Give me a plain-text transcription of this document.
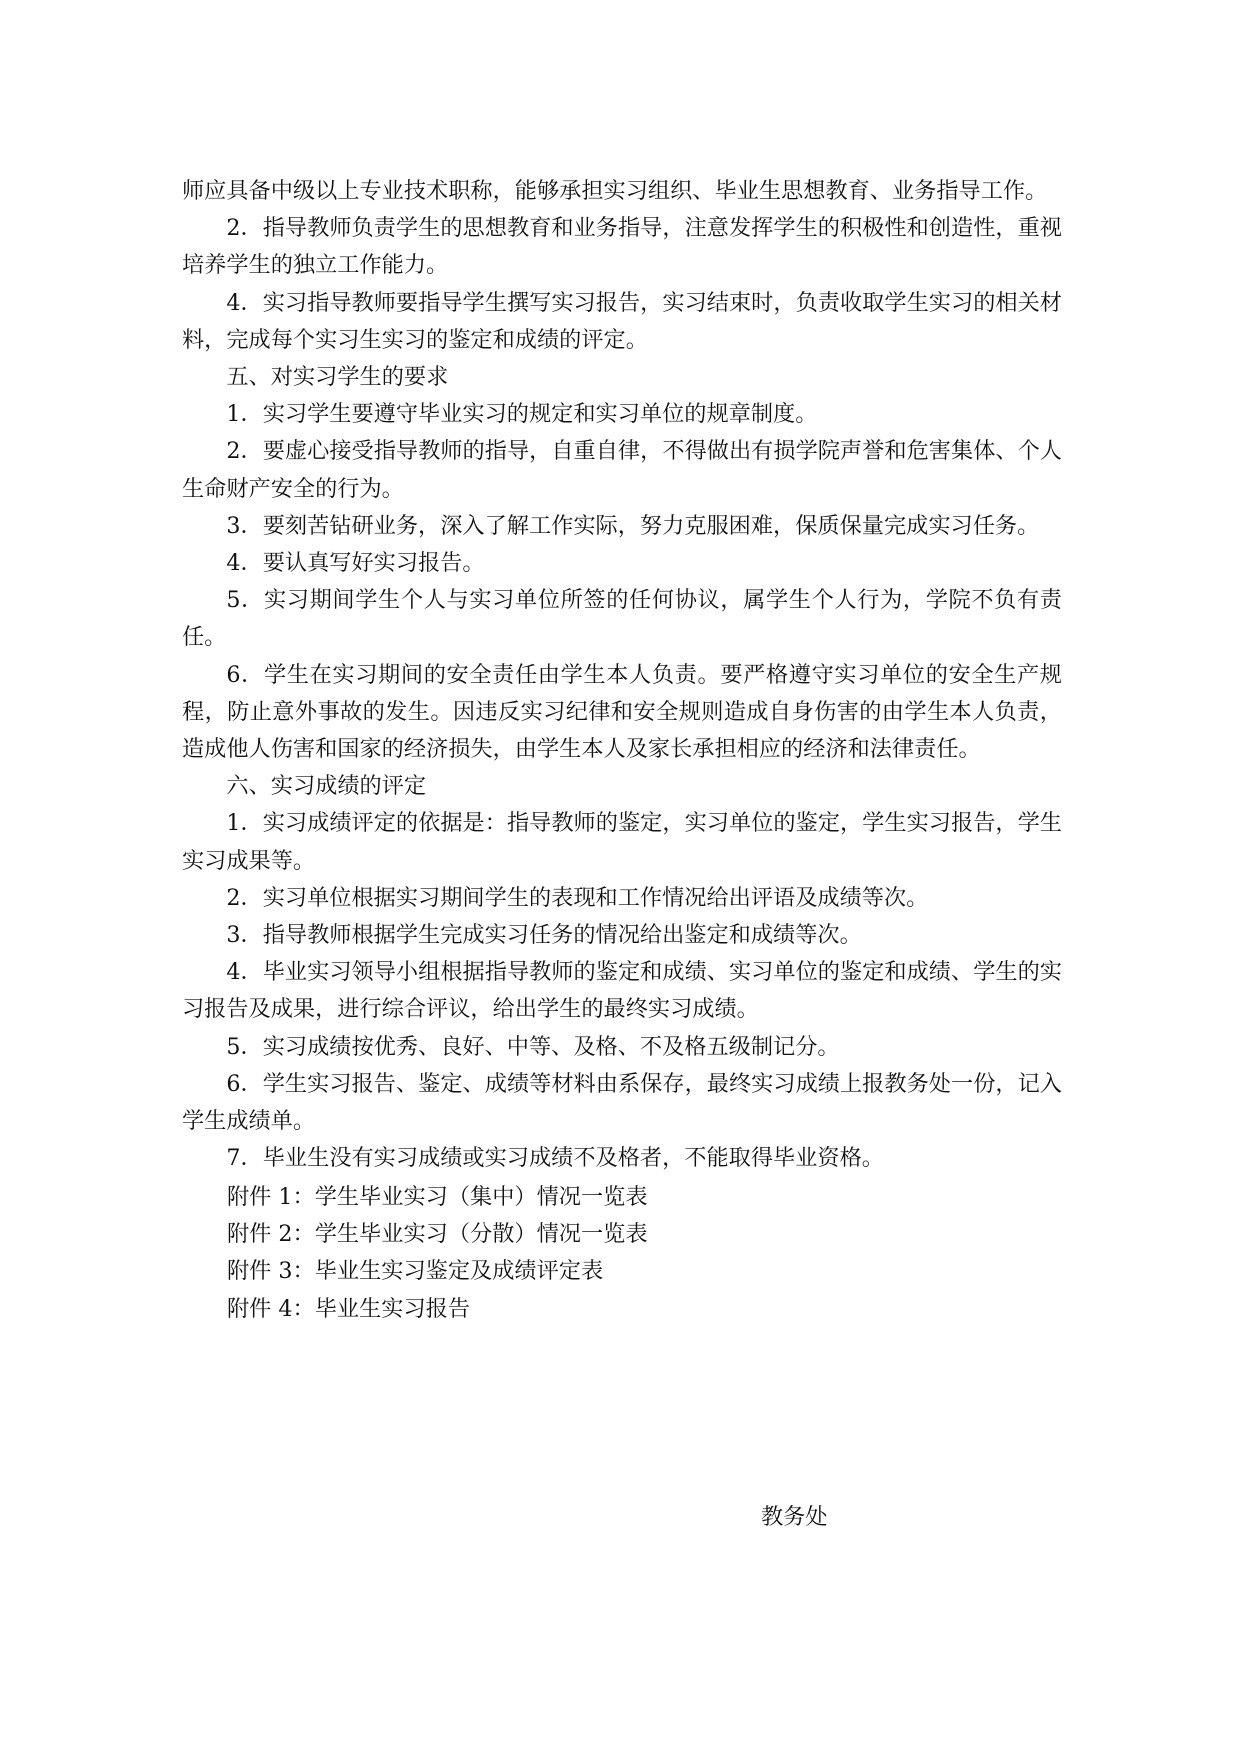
师应具备中级以上专业技术职称，能够承担实习组织、毕业生思想教育、业务指导工作。

2．指导教师负责学生的思想教育和业务指导，注意发挥学生的积极性和创造性，重视培养学生的独立工作能力。

4．实习指导教师要指导学生撰写实习报告，实习结束时，负责收取学生实习的相关材料，完成每个实习生实习的鉴定和成绩的评定。

五、对实习学生的要求

1．实习学生要遵守毕业实习的规定和实习单位的规章制度。

2．要虚心接受指导教师的指导，自重自律，不得做出有损学院声誉和危害集体、个人生命财产安全的行为。

3．要刻苦钻研业务，深入了解工作实际，努力克服困难，保质保量完成实习任务。

4．要认真写好实习报告。

5．实习期间学生个人与实习单位所签的任何协议，属学生个人行为，学院不负有责任。

6．学生在实习期间的安全责任由学生本人负责。要严格遵守实习单位的安全生产规程，防止意外事故的发生。因违反实习纪律和安全规则造成自身伤害的由学生本人负责，造成他人伤害和国家的经济损失，由学生本人及家长承担相应的经济和法律责任。

六、实习成绩的评定

1．实习成绩评定的依据是：指导教师的鉴定，实习单位的鉴定，学生实习报告，学生实习成果等。

2．实习单位根据实习期间学生的表现和工作情况给出评语及成绩等次。

3．指导教师根据学生完成实习任务的情况给出鉴定和成绩等次。

4．毕业实习领导小组根据指导教师的鉴定和成绩、实习单位的鉴定和成绩、学生的实习报告及成果，进行综合评议，给出学生的最终实习成绩。

5．实习成绩按优秀、良好、中等、及格、不及格五级制记分。

6．学生实习报告、鉴定、成绩等材料由系保存，最终实习成绩上报教务处一份，记入学生成绩单。

7．毕业生没有实习成绩或实习成绩不及格者，不能取得毕业资格。

附件 1：学生毕业实习（集中）情况一览表

附件 2：学生毕业实习（分散）情况一览表

附件 3：毕业生实习鉴定及成绩评定表

附件 4：毕业生实习报告

教务处
